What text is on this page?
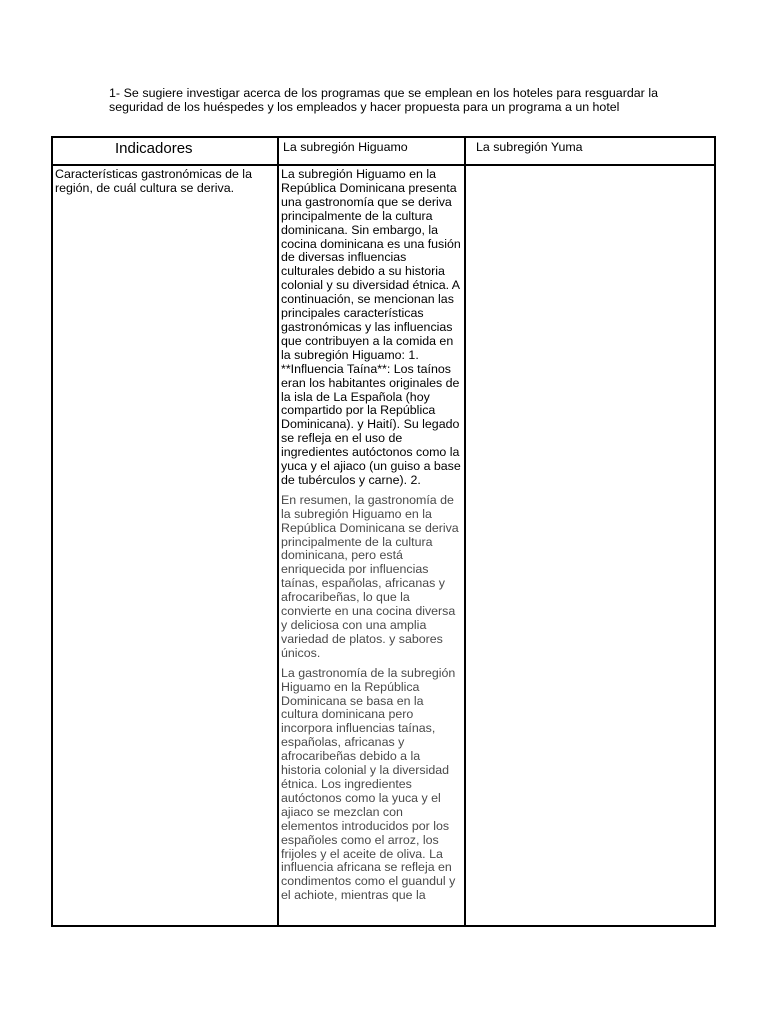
1- Se sugiere investigar acerca de los programas que se emplean en los hoteles para resguardar la seguridad de los huéspedes y los empleados y hacer propuesta para un programa a un hotel
Indicadores	La subregión Higuamo	La subregión Yuma

Características gastronómicas de la región, de cuál cultura se deriva.

La subregión Higuamo en la República Dominicana presenta una gastronomía que se deriva principalmente de la cultura dominicana. Sin embargo, la cocina dominicana es una fusión de diversas influencias culturales debido a su historia colonial y su diversidad étnica. A continuación, se mencionan las principales características gastronómicas y las influencias que contribuyen a la comida en la subregión Higuamo: 1. **Influencia Taína**: Los taínos eran los habitantes originales de la isla de La Española (hoy compartido por la República Dominicana). y Haití). Su legado se refleja en el uso de ingredientes autóctonos como la yuca y el ajiaco (un guiso a base de tubérculos y carne). 2.

En resumen, la gastronomía de la subregión Higuamo en la República Dominicana se deriva principalmente de la cultura dominicana, pero está enriquecida por influencias taínas, españolas, africanas y afrocaribeñas, lo que la convierte en una cocina diversa y deliciosa con una amplia variedad de platos. y sabores únicos.

La gastronomía de la subregión Higuamo en la República Dominicana se basa en la cultura dominicana pero incorpora influencias taínas, españolas, africanas y afrocaribeñas debido a la historia colonial y la diversidad étnica. Los ingredientes autóctonos como la yuca y el ajiaco se mezclan con elementos introducidos por los españoles como el arroz, los frijoles y el aceite de oliva. La influencia africana se refleja en condimentos como el guandul y el achiote, mientras que la
